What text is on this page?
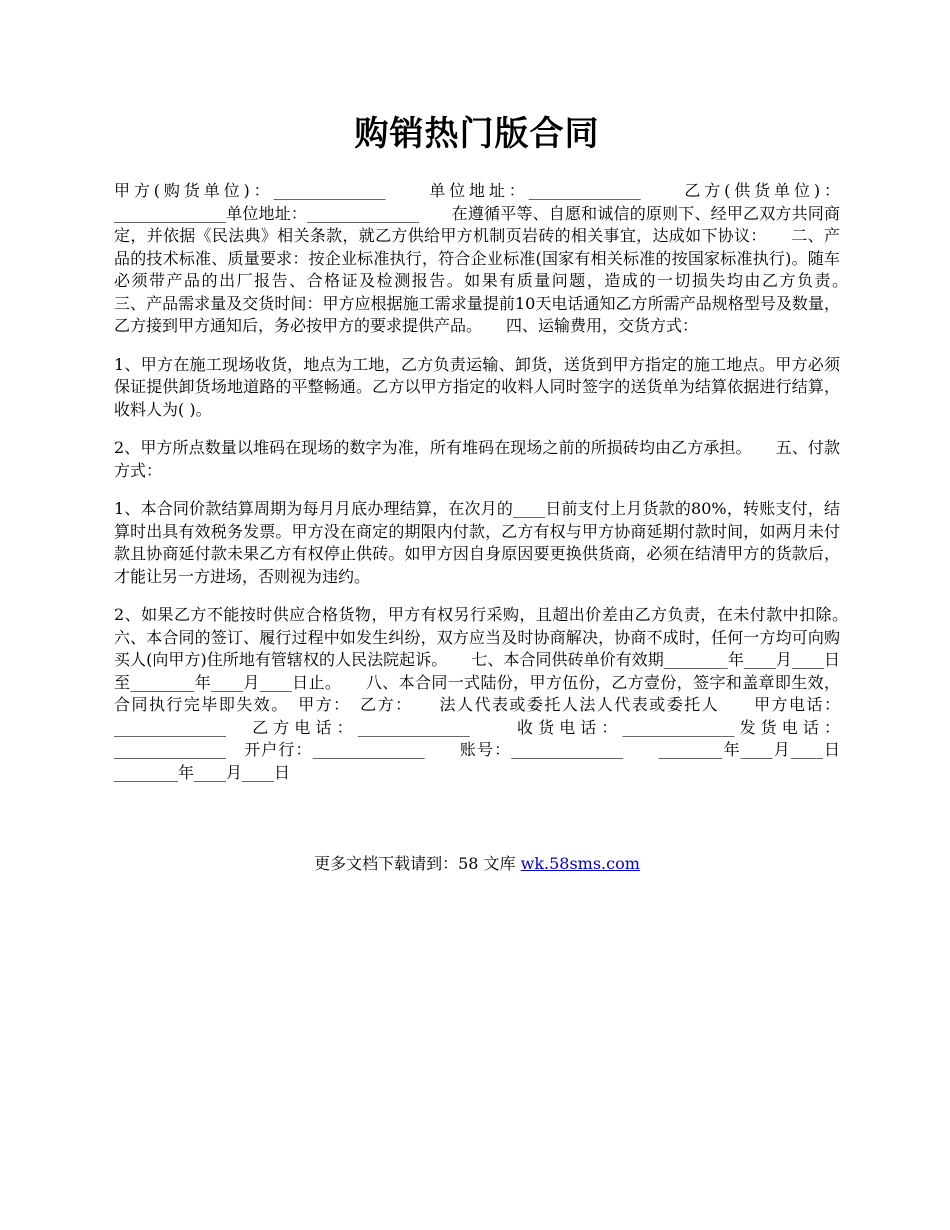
购销热门版合同

甲方(购货单位)：______________　　单位地址：______________　　乙方(供货单位)：______________单位地址：______________　　在遵循平等、自愿和诚信的原则下、经甲乙双方共同商定，并依据《民法典》相关条款，就乙方供给甲方机制页岩砖的相关事宜，达成如下协议：　　二、产品的技术标准、质量要求：按企业标准执行，符合企业标准(国家有相关标准的按国家标准执行)。随车必须带产品的出厂报告、合格证及检测报告。如果有质量问题，造成的一切损失均由乙方负责。　　三、产品需求量及交货时间：甲方应根据施工需求量提前10天电话通知乙方所需产品规格型号及数量，乙方接到甲方通知后，务必按甲方的要求提供产品。　　四、运输费用，交货方式：

1、甲方在施工现场收货，地点为工地，乙方负责运输、卸货，送货到甲方指定的施工地点。甲方必须保证提供卸货场地道路的平整畅通。乙方以甲方指定的收料人同时签字的送货单为结算依据进行结算，收料人为( )。

2、甲方所点数量以堆码在现场的数字为准，所有堆码在现场之前的所损砖均由乙方承担。　　五、付款方式：

1、本合同价款结算周期为每月月底办理结算，在次月的____日前支付上月货款的80%，转账支付，结算时出具有效税务发票。甲方没在商定的期限内付款，乙方有权与甲方协商延期付款时间，如两月未付款且协商延付款未果乙方有权停止供砖。如甲方因自身原因要更换供货商，必须在结清甲方的货款后，才能让另一方进场，否则视为违约。

2、如果乙方不能按时供应合格货物，甲方有权另行采购，且超出价差由乙方负责，在未付款中扣除。　　六、本合同的签订、履行过程中如发生纠纷，双方应当及时协商解决，协商不成时，任何一方均可向购买人(向甲方)住所地有管辖权的人民法院起诉。　　七、本合同供砖单价有效期________年____月____日至________年____月____日止。　　八、本合同一式陆份，甲方伍份，乙方壹份，签字和盖章即生效，合同执行完毕即失效。　甲方：　乙方：　　法人代表或委托人法人代表或委托人　　甲方电话：______________　乙方电话：______________　　收货电话：______________发货电话：______________　开户行：______________　　账号：______________　　________年____月____日 ________年____月____日

更多文档下载请到：58 文库 wk.58sms.com
